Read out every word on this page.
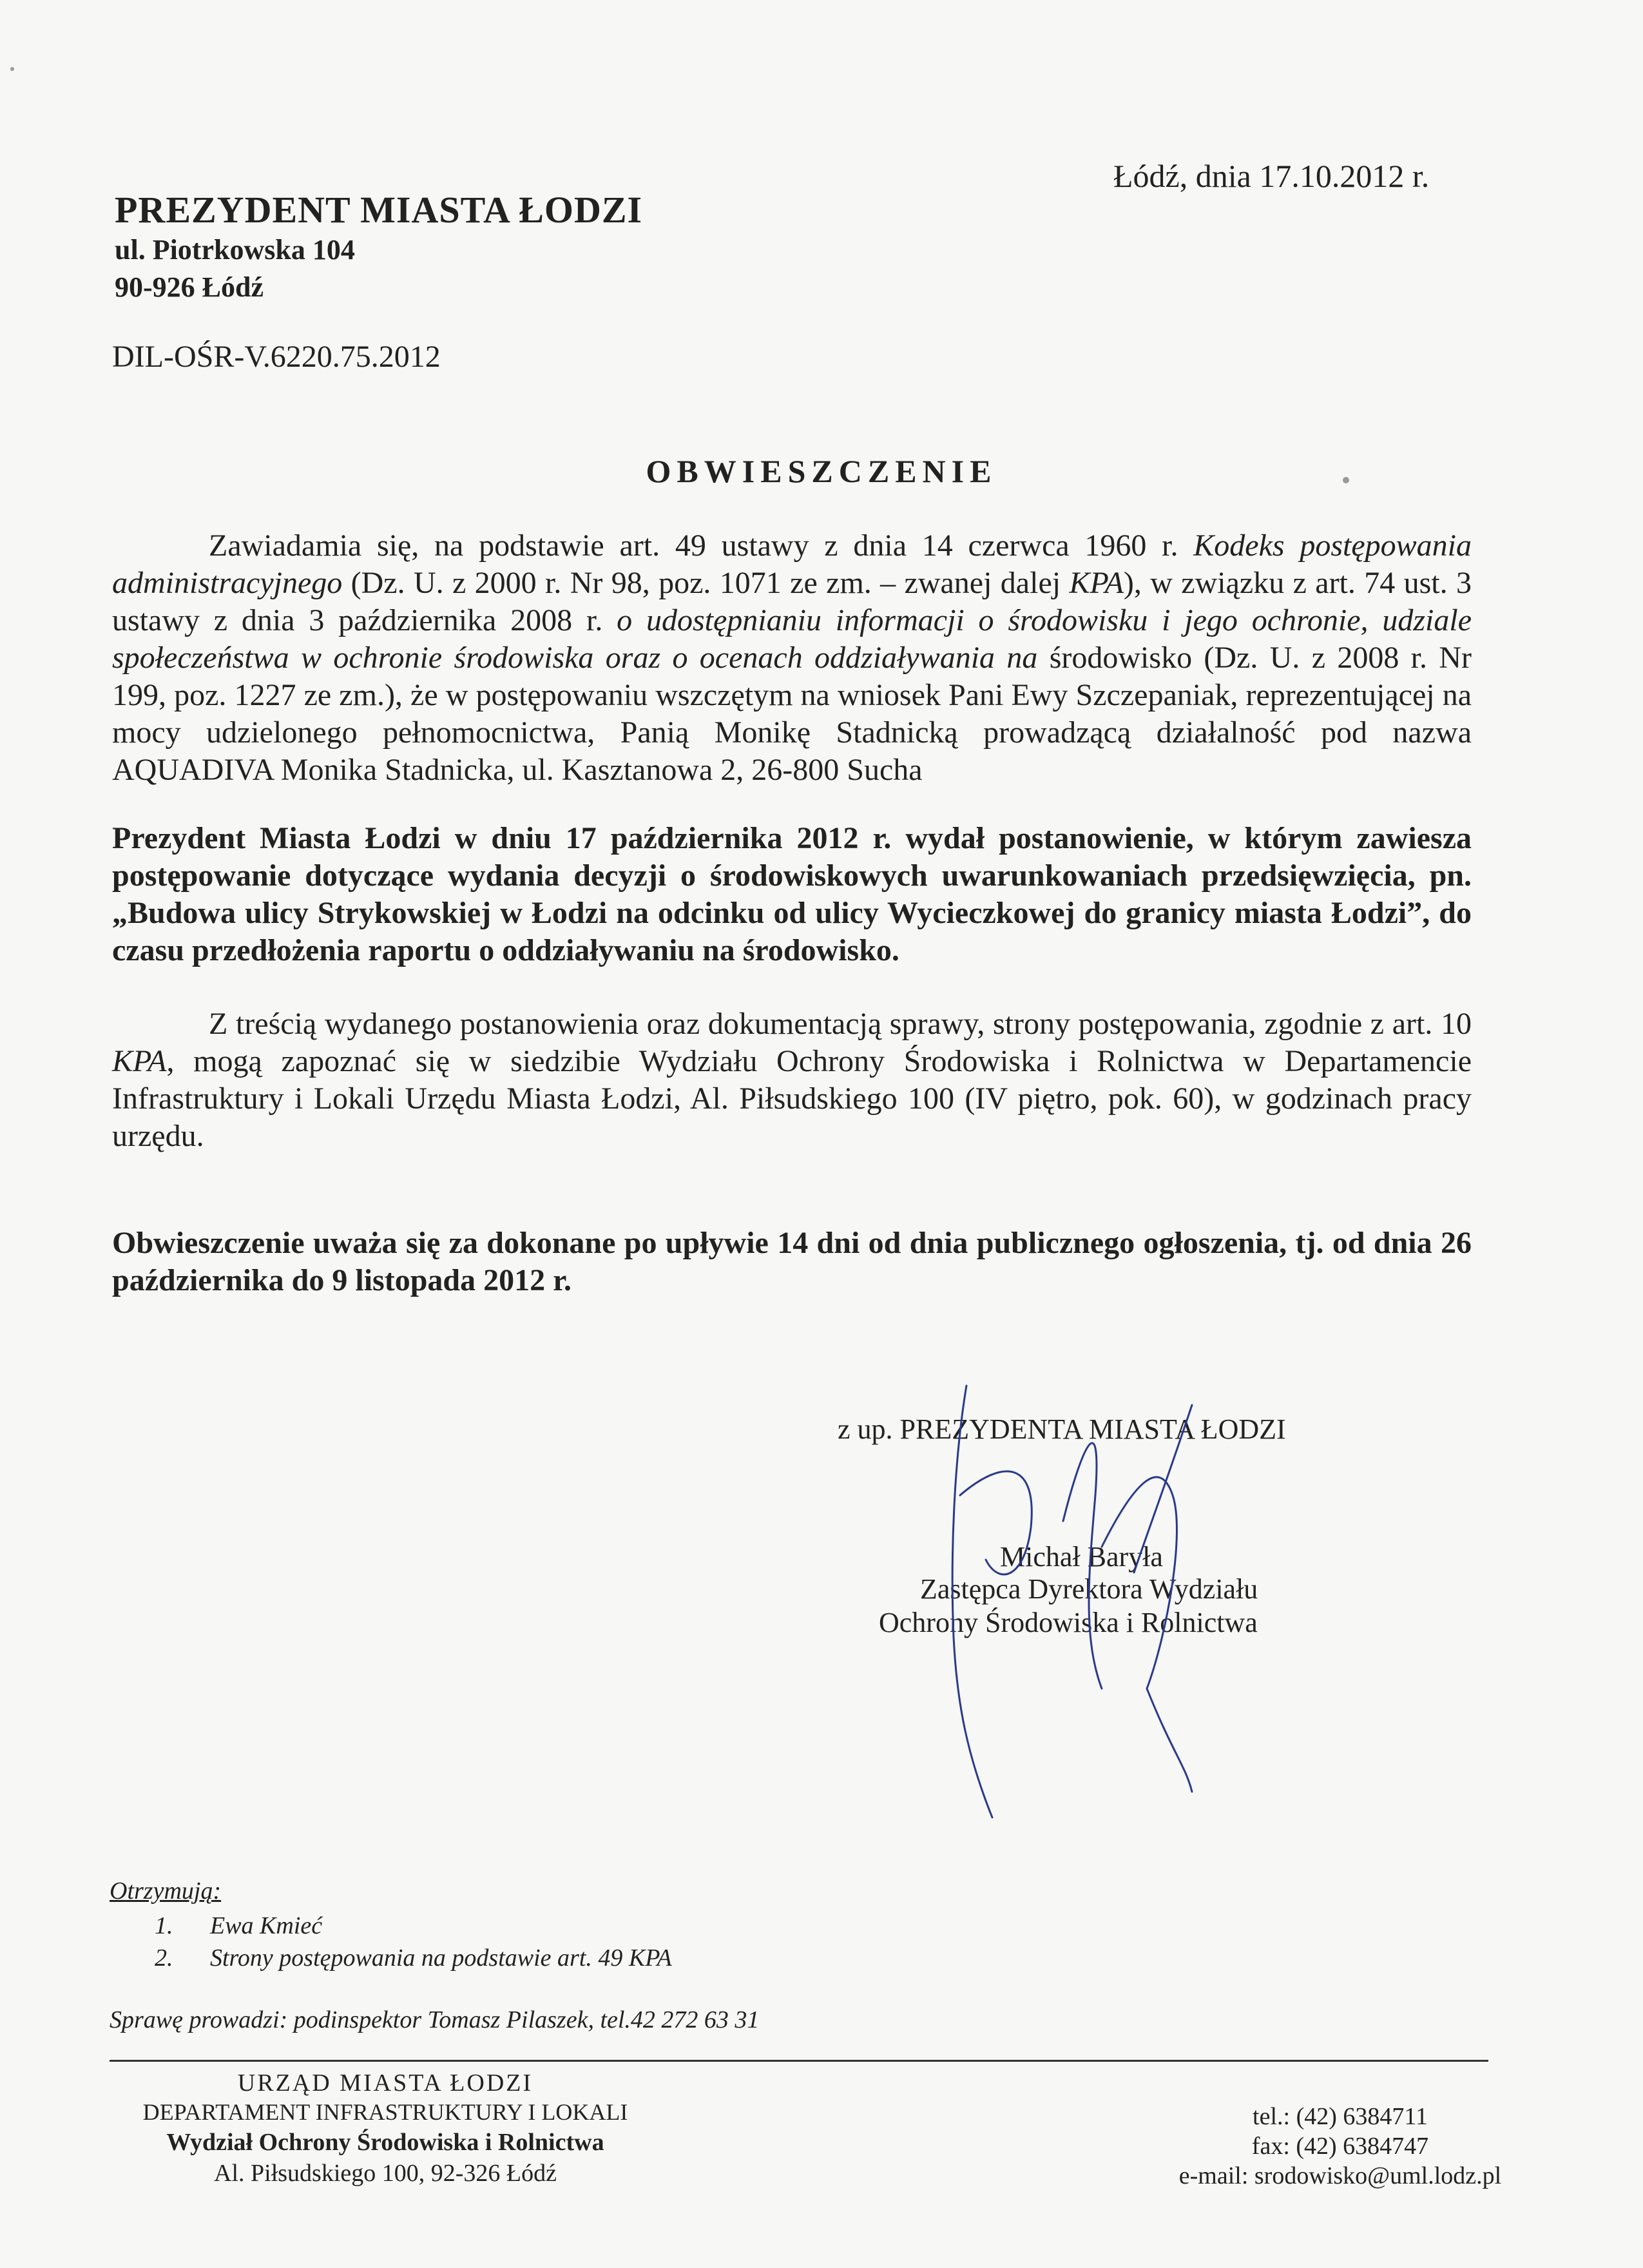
Łódź, dnia 17.10.2012 r.
PREZYDENT MIASTA ŁODZI
ul. Piotrkowska 104
90-926 Łódź
DIL-OŚR-V.6220.75.2012
OBWIESZCZENIE

Zawiadamia się, na podstawie art. 49 ustawy z dnia 14 czerwca 1960 r. Kodeks postępowania administracyjnego (Dz. U. z 2000 r. Nr 98, poz. 1071 ze zm. – zwanej dalej KPA), w związku z art. 74 ust. 3 ustawy z dnia 3 października 2008 r. o udostępnianiu informacji o środowisku i jego ochronie, udziale społeczeństwa w ochronie środowiska oraz o ocenach oddziaływania na środowisko (Dz. U. z 2008 r. Nr 199, poz. 1227 ze zm.), że w postępowaniu wszczętym na wniosek Pani Ewy Szczepaniak, reprezentującej na mocy udzielonego pełnomocnictwa, Panią Monikę Stadnicką prowadzącą działalność pod nazwa AQUADIVA Monika Stadnicka, ul. Kasztanowa 2, 26-800 Sucha

Prezydent Miasta Łodzi w dniu 17 października 2012 r. wydał postanowienie, w którym zawiesza postępowanie dotyczące wydania decyzji o środowiskowych uwarunkowaniach przedsięwzięcia, pn. „Budowa ulicy Strykowskiej w Łodzi na odcinku od ulicy Wycieczkowej do granicy miasta Łodzi”, do czasu przedłożenia raportu o oddziaływaniu na środowisko.

Z treścią wydanego postanowienia oraz dokumentacją sprawy, strony postępowania, zgodnie z art. 10 KPA, mogą zapoznać się w siedzibie Wydziału Ochrony Środowiska i Rolnictwa w Departamencie Infrastruktury i Lokali Urzędu Miasta Łodzi, Al. Piłsudskiego 100 (IV piętro, pok. 60), w godzinach pracy urzędu.

Obwieszczenie uważa się za dokonane po upływie 14 dni od dnia publicznego ogłoszenia, tj. od dnia 26 października do 9 listopada 2012 r.

z up. PREZYDENTA MIASTA ŁODZI
Michał Baryła
Zastępca Dyrektora Wydziału
Ochrony Środowiska i Rolnictwa
Otrzymują:
1. Ewa Kmieć
2. Strony postępowania na podstawie art. 49 KPA
Sprawę prowadzi: podinspektor Tomasz Pilaszek, tel.42 272 63 31
URZĄD MIASTA ŁODZI
DEPARTAMENT INFRASTRUKTURY I LOKALI
Wydział Ochrony Środowiska i Rolnictwa
Al. Piłsudskiego 100, 92-326 Łódź
tel.: (42) 6384711
fax: (42) 6384747
e-mail: srodowisko@uml.lodz.pl
